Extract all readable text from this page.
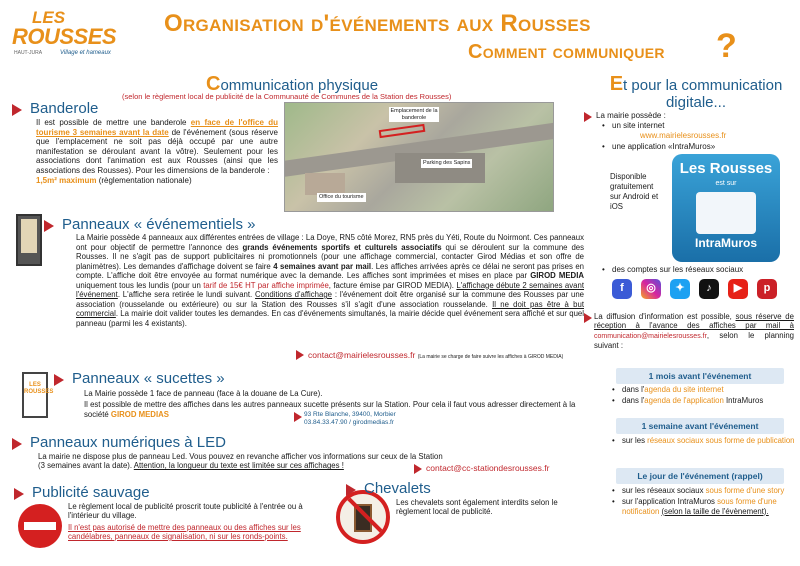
LES
ROUSSES
HAUT-JURA	Village et hameaux
Organisation d'événements aux Rousses
Comment communiquer ?
Communication physique
(selon le règlement local de publicité de la Communauté de Communes de la Station des Rousses)
Banderole
Il est possible de mettre une banderole en face de l'office du tourisme 3 semaines avant la date de l'événement (sous réserve que l'emplacement ne soit pas déjà occupé par une autre manifestation se déroulant avant la vôtre). Seulement pour les associations dont l'animation est aux Rousses (ainsi que les associations des Rousses). Pour les dimensions de la banderole :
1,5m² maximum (règlementation nationale)
Emplacement de la banderole
Parking des Sapins
Office du tourisme
Panneaux « événementiels »
La Mairie possède 4 panneaux aux différentes entrées de village : La Doye, RN5 côté Morez, RN5 près du Yéti, Route du Noirmont. Ces panneaux ont pour objectif de permettre l'annonce des grands événements sportifs et culturels associatifs qui se déroulent sur la commune des Rousses. Il ne s'agit pas de support publicitaires ni promotionnels (pour une affichage commercial, contacter Girod Médias et son offre de planimètres). Les demandes d'affichage doivent se faire 4 semaines avant par mail. Les affiches arrivées après ce délai ne seront pas prises en compte. L'affiche doit être envoyée au format numérique avec la demande. Les affiches sont imprimées et mises en place par GIROD MEDIA uniquement tous les lundis (pour un tarif de 15€ HT par affiche imprimée, facture émise par GIROD MEDIA). L'affichage débute 2 semaines avant l'événement. L'affiche sera retirée le lundi suivant. Conditions d'affichage : l'événement doit être organisé sur la commune des Rousses par une association (rousselande ou extérieure) ou sur la Station des Rousses s'il s'agit d'une association rousselande. Il ne doit pas être à but commercial. La mairie doit valider toutes les demandes. En cas d'événements simultanés, la mairie décide quel événement sera affiché et sur quel panneau (parmi les 4 existants).
contact@mairielesrousses.fr (La mairie se charge de faire suivre les affiches à GIROD MEDIA)
LES
ROUSSES
Panneaux « sucettes »
La Mairie possède 1 face de panneau (face à la douane de La Cure).
Il est possible de mettre des affiches dans les autres panneaux sucette présents sur la Station. Pour cela il faut vous adresser directement à la société GIROD MEDIAS	93 Rte Blanche, 39400, Morbier
03.84.33.47.90 / girodmedias.fr
Panneaux numériques à LED
La mairie ne dispose plus de panneau Led. Vous pouvez en revanche afficher vos informations sur ceux de la Station
(3 semaines avant la date). Attention, la longueur du texte est limitée sur ces affichages !	contact@cc-stationdesrousses.fr
Publicité sauvage
Le règlement local de publicité proscrit toute publicité à l'entrée ou à l'intérieur du village.
Il n'est pas autorisé de mettre des panneaux ou des affiches sur les candélabres, panneaux de signalisation, ni sur les ronds-points.
Chevalets
Les chevalets sont également interdits selon le règlement local de publicité.
Et pour la communication
digitale...
La mairie possède :
• un site internet
www.mairielesrousses.fr
• une application «IntraMuros»
Disponible gratuitement sur Android et iOS
Les Rousses
est sur
IntraMuros
• des comptes sur les réseaux sociaux
f	◎	✦	♪	▶	p
La diffusion d'information est possible, sous réserve de réception à l'avance des affiches par mail à communication@mairielesrousses.fr, selon le planning suivant :
1 mois avant l'événement
• dans l'agenda du site internet
• dans l'agenda de l'application IntraMuros
1 semaine avant l'événement
• sur les réseaux sociaux sous forme de publication
Le jour de l'événement (rappel)
• sur les réseaux sociaux sous forme d'une story
• sur l'application IntraMuros sous forme d'une notification (selon la taille de l'évènement).
